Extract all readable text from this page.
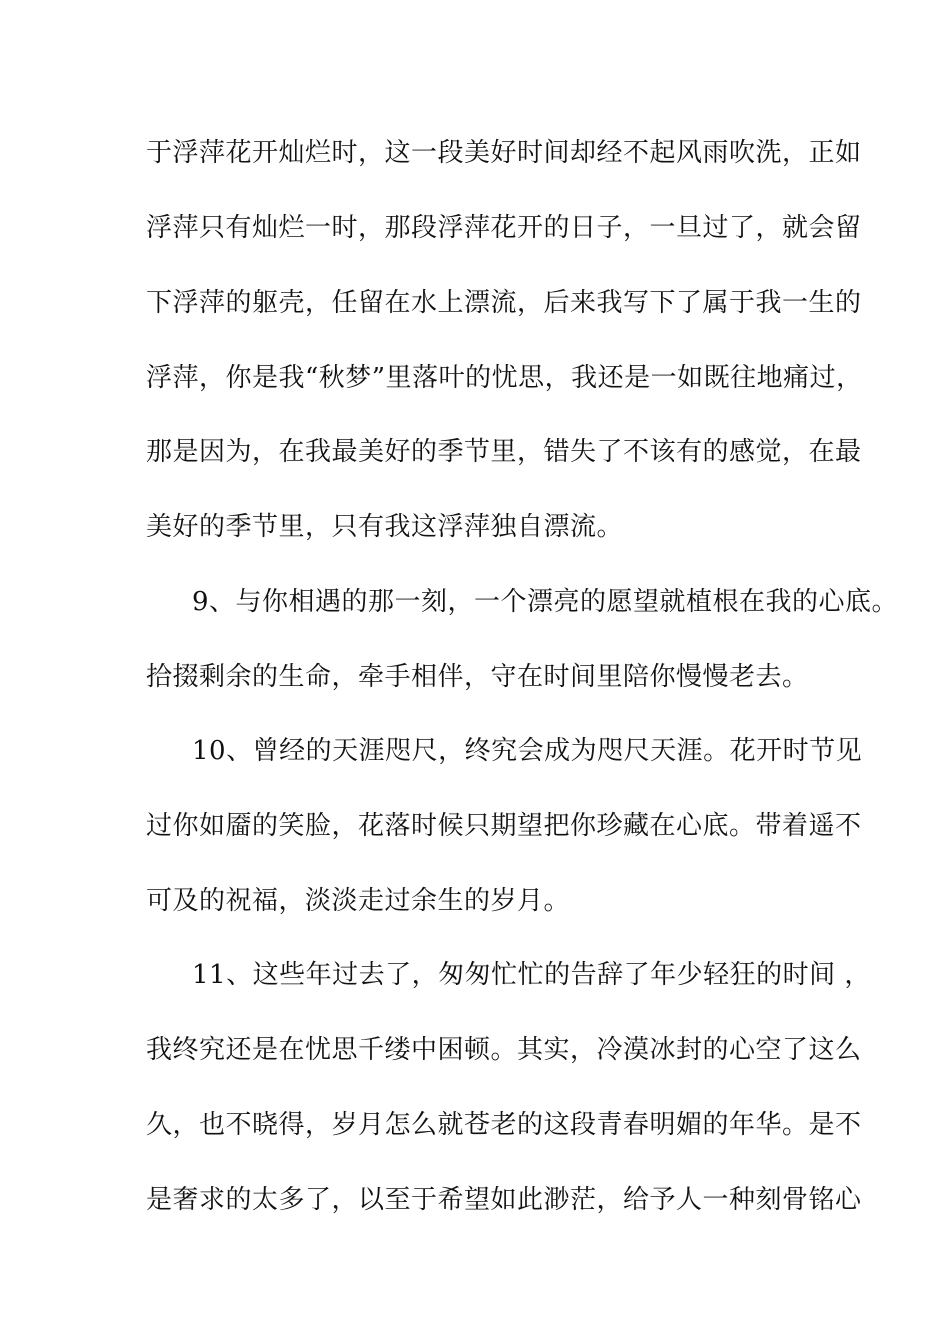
于浮萍花开灿烂时，这一段美好时间却经不起风雨吹洗，正如
浮萍只有灿烂一时，那段浮萍花开的日子，一旦过了，就会留
下浮萍的躯壳，任留在水上漂流，后来我写下了属于我一生的
浮萍，你是我“秋梦”里落叶的忧思，我还是一如既往地痛过，
那是因为，在我最美好的季节里，错失了不该有的感觉，在最
美好的季节里，只有我这浮萍独自漂流。
9、与你相遇的那一刻，一个漂亮的愿望就植根在我的心底。
拾掇剩余的生命，牵手相伴，守在时间里陪你慢慢老去。
10、曾经的天涯咫尺，终究会成为咫尺天涯。花开时节见
过你如靥的笑脸，花落时候只期望把你珍藏在心底。带着遥不
可及的祝福，淡淡走过余生的岁月。
11、这些年过去了，匆匆忙忙的告辞了年少轻狂的时间 ，
我终究还是在忧思千缕中困顿。其实，冷漠冰封的心空了这么
久，也不晓得，岁月怎么就苍老的这段青春明媚的年华。是不
是奢求的太多了，以至于希望如此渺茫，给予人一种刻骨铭心
